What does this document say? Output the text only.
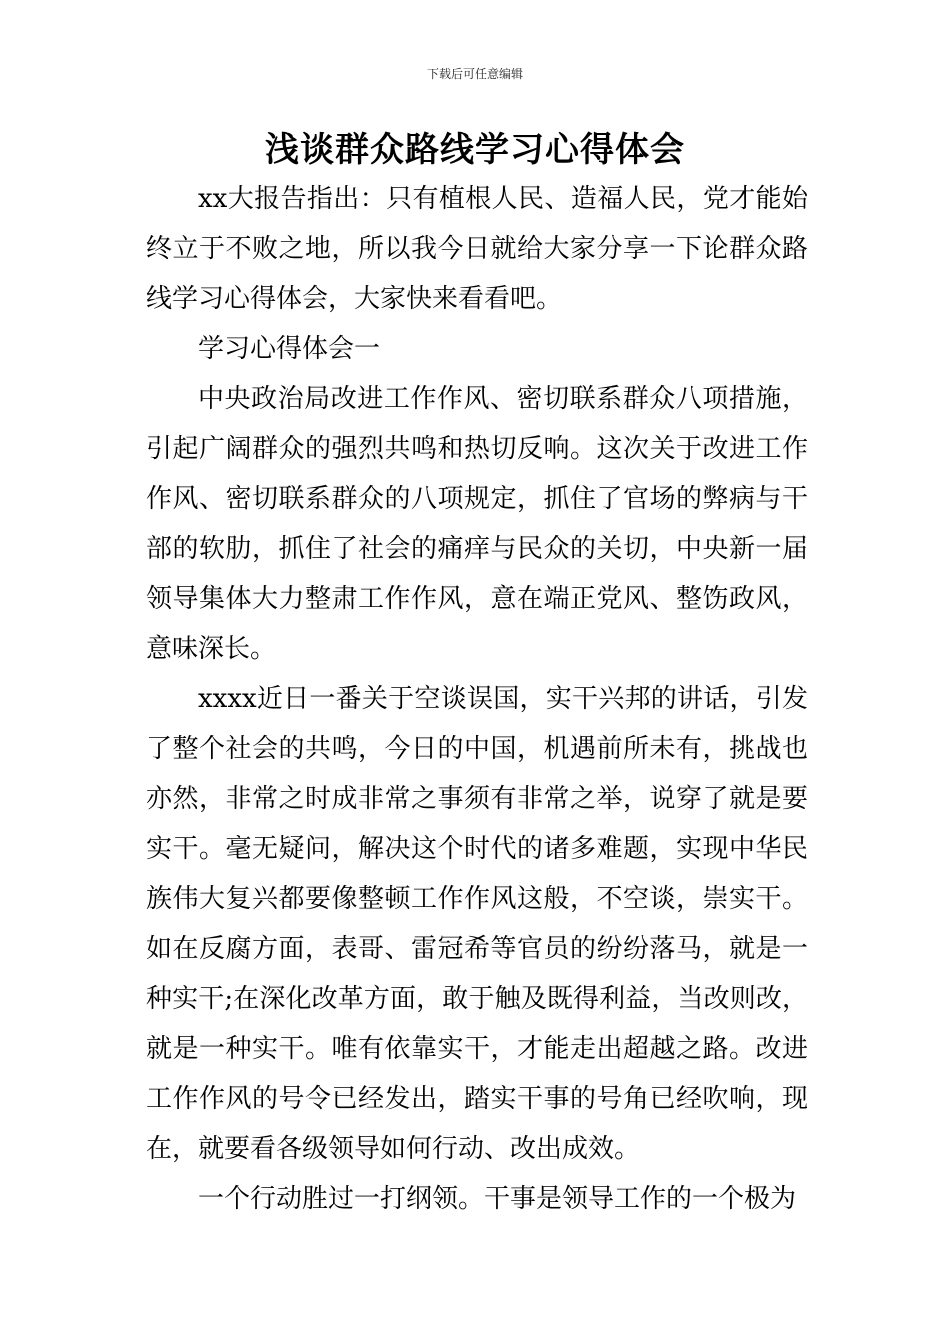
下载后可任意编辑
浅谈群众路线学习心得体会

xx大报告指出：只有植根人民、造福人民，党才能始终立于不败之地，所以我今日就给大家分享一下论群众路线学习心得体会，大家快来看看吧。

学习心得体会一

中央政治局改进工作作风、密切联系群众八项措施，引起广阔群众的强烈共鸣和热切反响。这次关于改进工作作风、密切联系群众的八项规定，抓住了官场的弊病与干部的软肋，抓住了社会的痛痒与民众的关切，中央新一届领导集体大力整肃工作作风，意在端正党风、整饬政风，意味深长。

xxxx近日一番关于空谈误国，实干兴邦的讲话，引发了整个社会的共鸣，今日的中国，机遇前所未有，挑战也亦然，非常之时成非常之事须有非常之举，说穿了就是要实干。毫无疑问，解决这个时代的诸多难题，实现中华民族伟大复兴都要像整顿工作作风这般，不空谈，崇实干。如在反腐方面，表哥、雷冠希等官员的纷纷落马，就是一种实干;在深化改革方面，敢于触及既得利益，当改则改，就是一种实干。唯有依靠实干，才能走出超越之路。改进工作作风的号令已经发出，踏实干事的号角已经吹响，现在，就要看各级领导如何行动、改出成效。

一个行动胜过一打纲领。干事是领导工作的一个极为
